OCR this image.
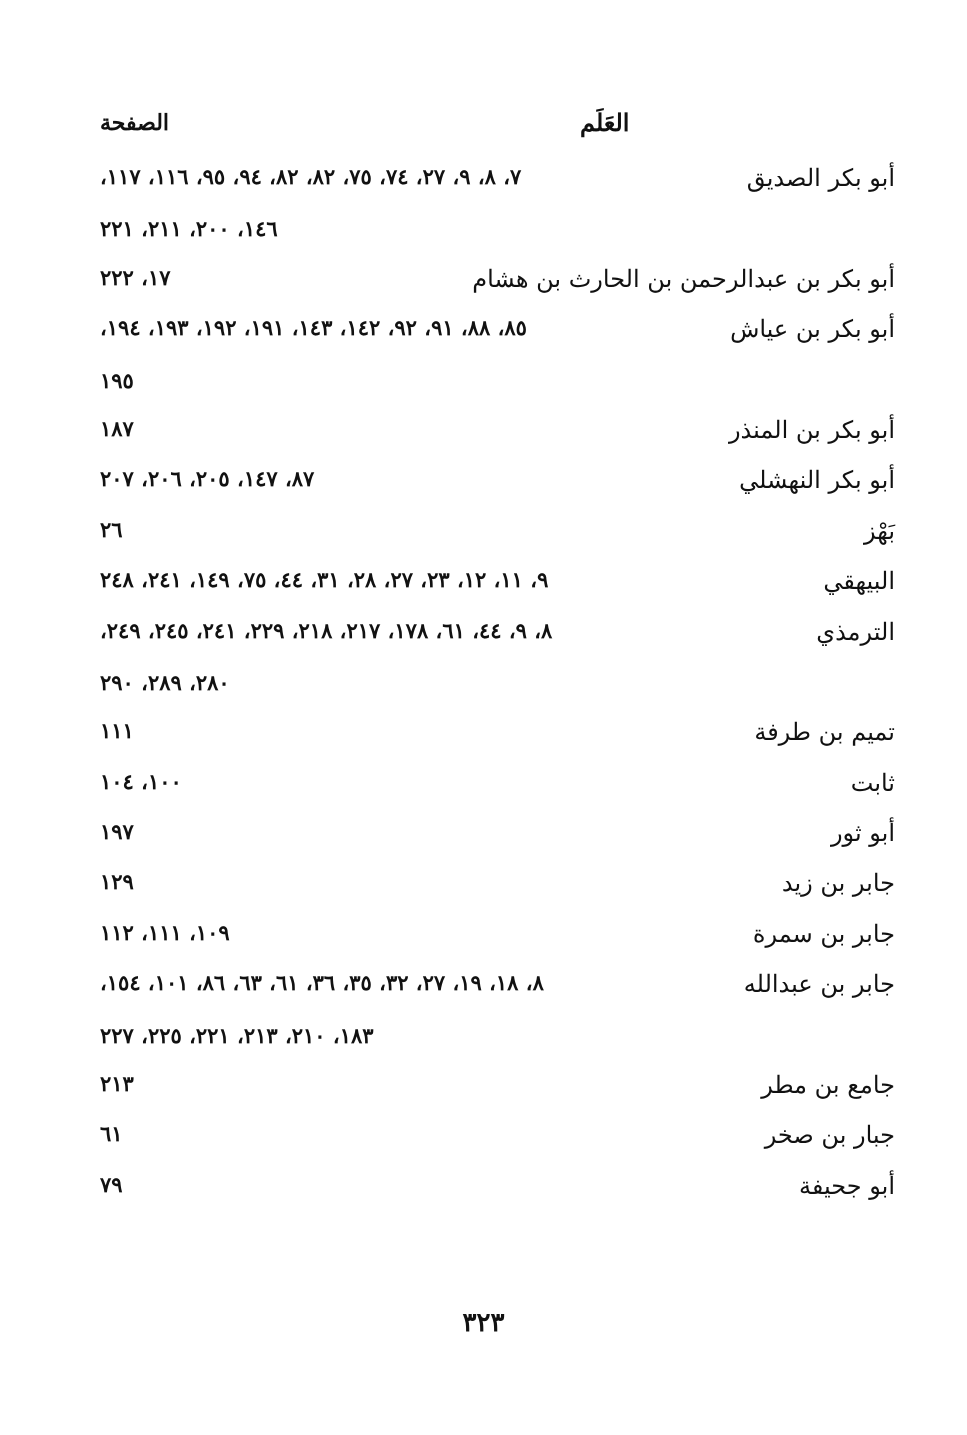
العَلَم
الصفحة
أبو بكر الصديق
٧، ٨، ٩، ٢٧، ٧٤، ٧٥، ٨٢، ٨٢، ٩٤، ٩٥، ١١٦، ١١٧،
١٤٦، ٢٠٠، ٢١١، ٢٢١
أبو بكر بن عبدالرحمن بن الحارث بن هشام
١٧، ٢٢٢
أبو بكر بن عياش
٨٥، ٨٨، ٩١، ٩٢، ١٤٢، ١٤٣، ١٩١، ١٩٢، ١٩٣، ١٩٤،
١٩٥
أبو بكر بن المنذر
١٨٧
أبو بكر النهشلي
٨٧، ١٤٧، ٢٠٥، ٢٠٦، ٢٠٧
بَهْز
٢٦
البيهقي
٩، ١١، ١٢، ٢٣، ٢٧، ٢٨، ٣١، ٤٤، ٧٥، ١٤٩، ٢٤١، ٢٤٨
الترمذي
٨، ٩، ٤٤، ٦١، ١٧٨، ٢١٧، ٢١٨، ٢٢٩، ٢٤١، ٢٤٥، ٢٤٩،
٢٨٠، ٢٨٩، ٢٩٠
تميم بن طرفة
١١١
ثابت
١٠٠، ١٠٤
أبو ثور
١٩٧
جابر بن زيد
١٢٩
جابر بن سمرة
١٠٩، ١١١، ١١٢
جابر بن عبدالله
٨، ١٨، ١٩، ٢٧، ٣٢، ٣٥، ٣٦، ٦١، ٦٣، ٨٦، ١٠١، ١٥٤،
١٨٣، ٢١٠، ٢١٣، ٢٢١، ٢٢٥، ٢٢٧
جامع بن مطر
٢١٣
جبار بن صخر
٦١
أبو جحيفة
٧٩
٣٢٣
